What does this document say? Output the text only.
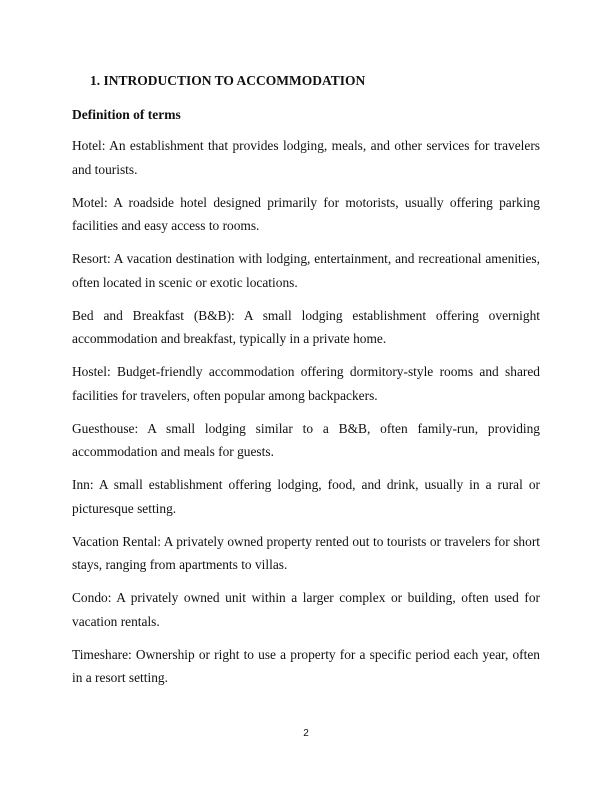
1. INTRODUCTION TO ACCOMMODATION
Definition of terms

Hotel: An establishment that provides lodging, meals, and other services for travelers and tourists.

Motel: A roadside hotel designed primarily for motorists, usually offering parking facilities and easy access to rooms.

Resort: A vacation destination with lodging, entertainment, and recreational amenities, often located in scenic or exotic locations.

Bed and Breakfast (B&B): A small lodging establishment offering overnight accommodation and breakfast, typically in a private home.

Hostel: Budget-friendly accommodation offering dormitory-style rooms and shared facilities for travelers, often popular among backpackers.

Guesthouse: A small lodging similar to a B&B, often family-run, providing accommodation and meals for guests.

Inn: A small establishment offering lodging, food, and drink, usually in a rural or picturesque setting.

Vacation Rental: A privately owned property rented out to tourists or travelers for short stays, ranging from apartments to villas.

Condo: A privately owned unit within a larger complex or building, often used for vacation rentals.

Timeshare: Ownership or right to use a property for a specific period each year, often in a resort setting.

2
